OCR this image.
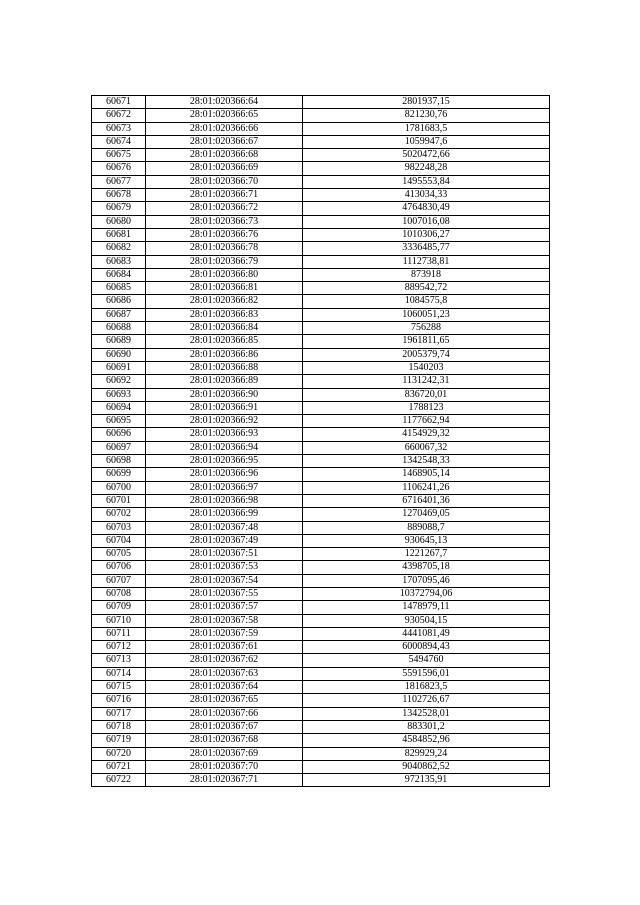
60671	28:01:020366:64	2801937,15
60672	28:01:020366:65	821230,76
60673	28:01:020366:66	1781683,5
60674	28:01:020366:67	1059947,6
60675	28:01:020366:68	5020472,66
60676	28:01:020366:69	982248,28
60677	28:01:020366:70	1495553,84
60678	28:01:020366:71	413034,33
60679	28:01:020366:72	4764830,49
60680	28:01:020366:73	1007016,08
60681	28:01:020366:76	1010306,27
60682	28:01:020366:78	3336485,77
60683	28:01:020366:79	1112738,81
60684	28:01:020366:80	873918
60685	28:01:020366:81	889542,72
60686	28:01:020366:82	1084575,8
60687	28:01:020366:83	1060051,23
60688	28:01:020366:84	756288
60689	28:01:020366:85	1961811,65
60690	28:01:020366:86	2005379,74
60691	28:01:020366:88	1540203
60692	28:01:020366:89	1131242,31
60693	28:01:020366:90	836720,01
60694	28:01:020366:91	1788123
60695	28:01:020366:92	1177662,94
60696	28:01:020366:93	4154929,32
60697	28:01:020366:94	660067,32
60698	28:01:020366:95	1342548,33
60699	28:01:020366:96	1468905,14
60700	28:01:020366:97	1106241,26
60701	28:01:020366:98	6716401,36
60702	28:01:020366:99	1270469,05
60703	28:01:020367:48	889088,7
60704	28:01:020367:49	930645,13
60705	28:01:020367:51	1221267,7
60706	28:01:020367:53	4398705,18
60707	28:01:020367:54	1707095,46
60708	28:01:020367:55	10372794,06
60709	28:01:020367:57	1478979,11
60710	28:01:020367:58	930504,15
60711	28:01:020367:59	4441081,49
60712	28:01:020367:61	6000894,43
60713	28:01:020367:62	5494760
60714	28:01:020367:63	5591596,01
60715	28:01:020367:64	1816823,5
60716	28:01:020367:65	1102726,67
60717	28:01:020367:66	1342528,01
60718	28:01:020367:67	883301,2
60719	28:01:020367:68	4584852,96
60720	28:01:020367:69	829929,24
60721	28:01:020367:70	9040862,52
60722	28:01:020367:71	972135,91
